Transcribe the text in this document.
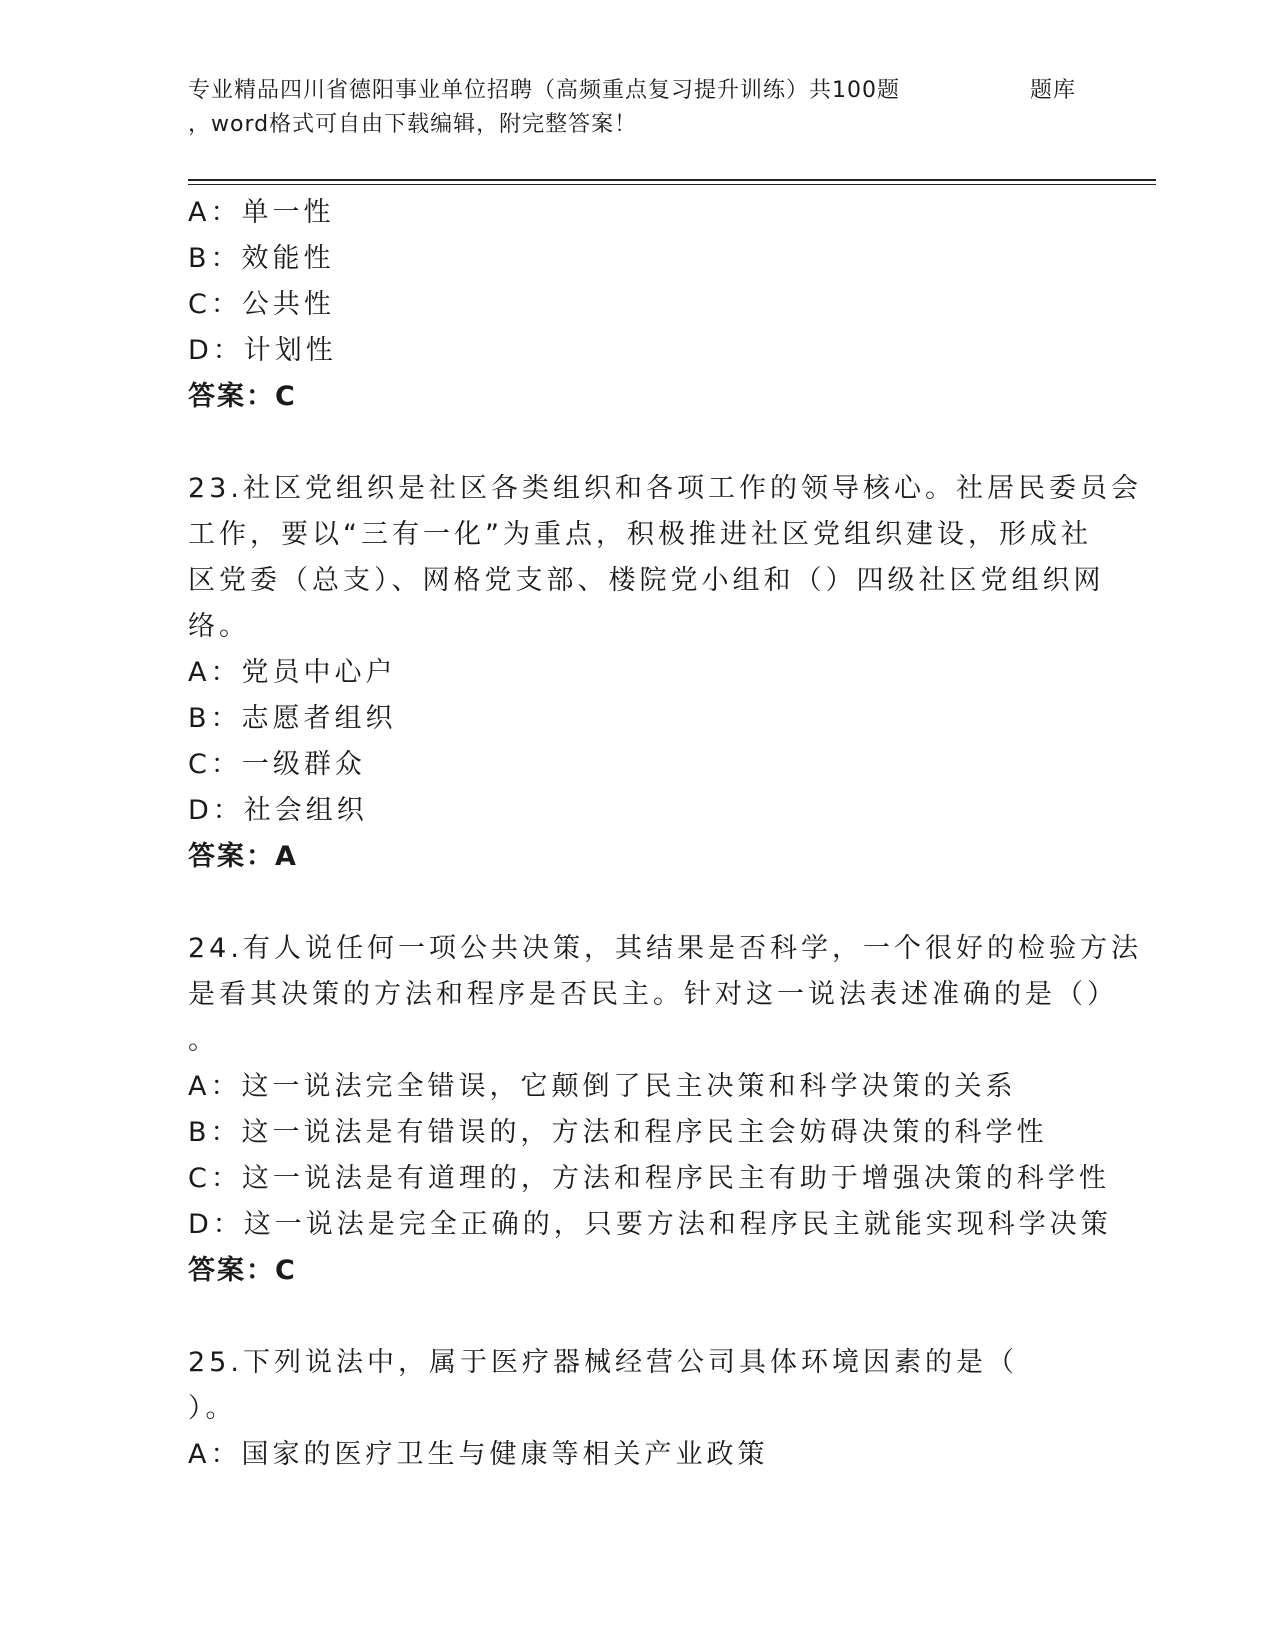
专业精品四川省德阳事业单位招聘（高频重点复习提升训练）共100题	题库
，word格式可自由下载编辑，附完整答案！
A：单一性
B：效能性
C：公共性
D：计划性
答案：C
23.社区党组织是社区各类组织和各项工作的领导核心。社居民委员会
工作，要以“三有一化”为重点，积极推进社区党组织建设，形成社
区党委（总支）、网格党支部、楼院党小组和（）四级社区党组织网
络。
A：党员中心户
B：志愿者组织
C：一级群众
D：社会组织
答案：A
24.有人说任何一项公共决策，其结果是否科学，一个很好的检验方法
是看其决策的方法和程序是否民主。针对这一说法表述准确的是（）
。
A：这一说法完全错误，它颠倒了民主决策和科学决策的关系
B：这一说法是有错误的，方法和程序民主会妨碍决策的科学性
C：这一说法是有道理的，方法和程序民主有助于增强决策的科学性
D：这一说法是完全正确的，只要方法和程序民主就能实现科学决策
答案：C
25.下列说法中，属于医疗器械经营公司具体环境因素的是（
）。
A：国家的医疗卫生与健康等相关产业政策
